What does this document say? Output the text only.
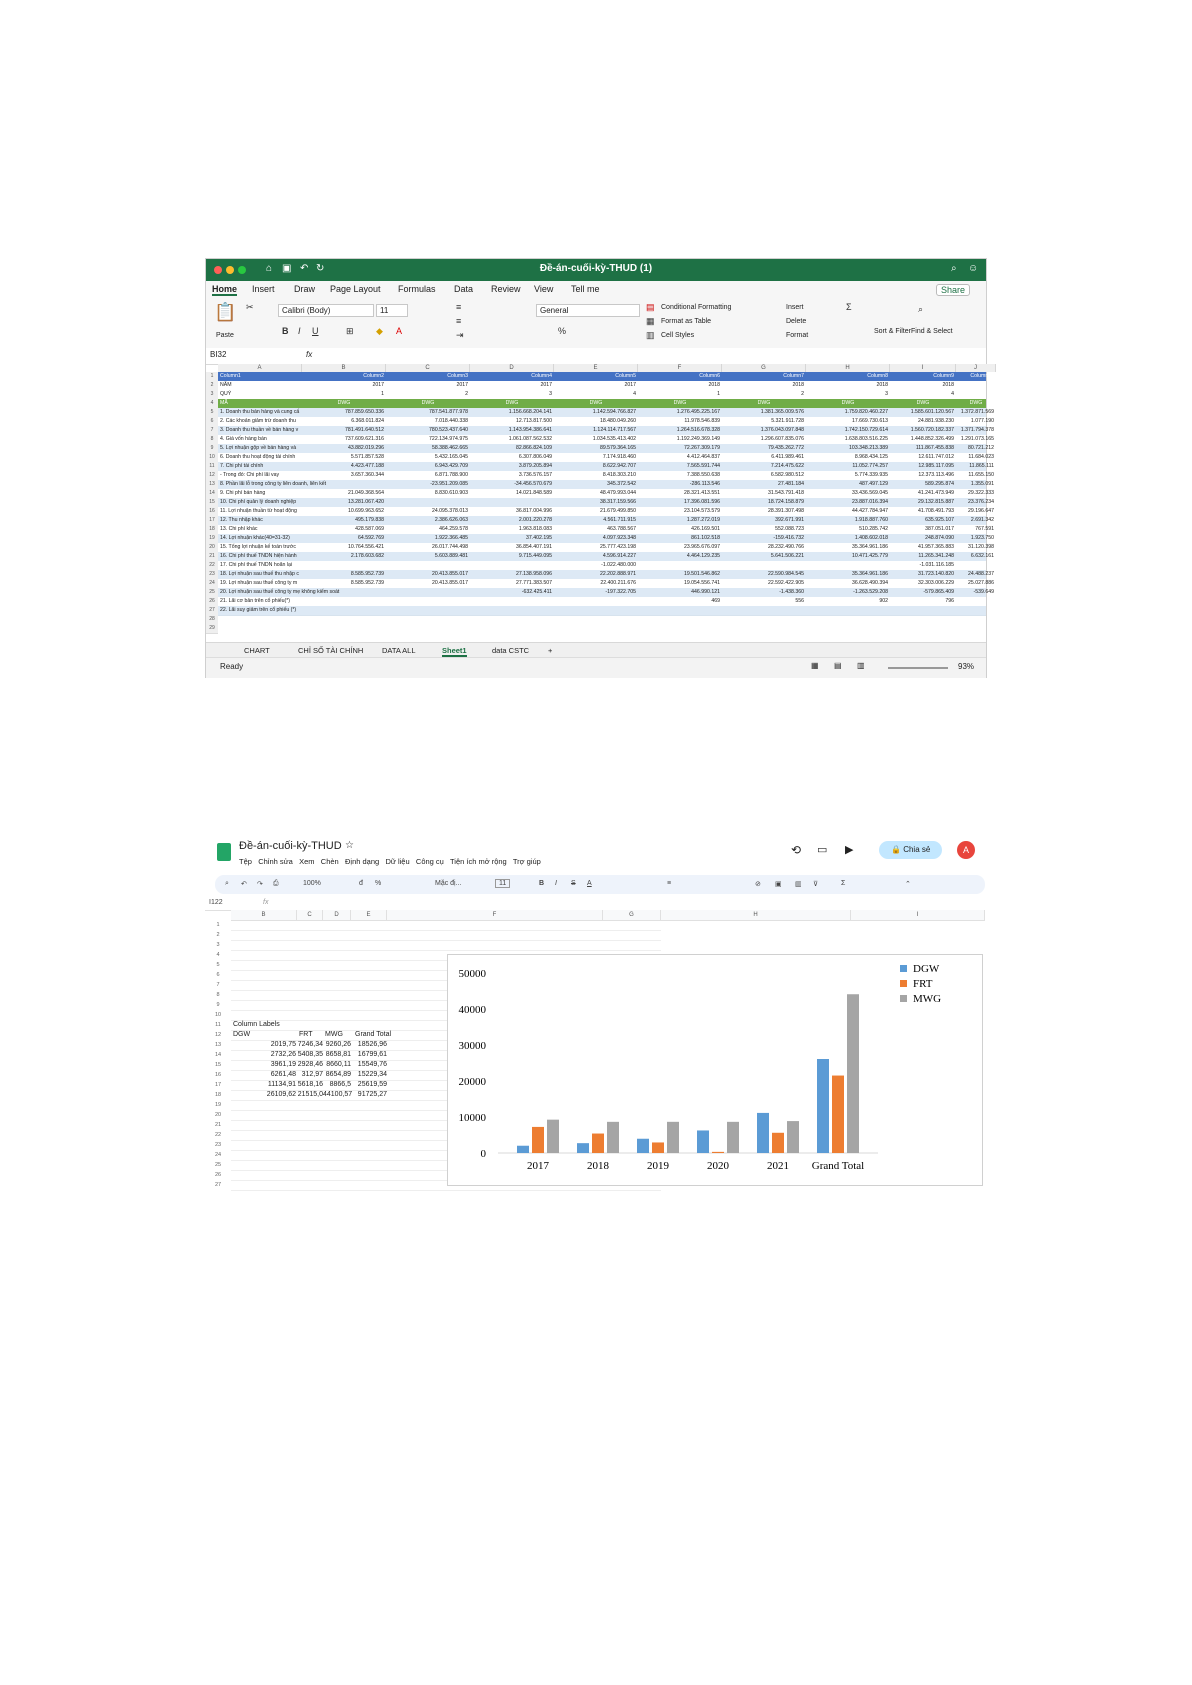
⌂ ▣ ↶ ↻	Đề-án-cuối-kỳ-THUD (1)	⌕ ☺
Home Insert Draw Page Layout Formulas Data Review View Tell me	Share
📋
Paste
✂	Calibri (Body)	11
B I U	⊞ ◆ A
≡
≡
⇥
General
%
▤ Conditional Formatting
▦ Format as Table
▥ Cell Styles
Insert
Delete
Format
Σ
Sort & Filter Find & Select
⌕
BI32	fx
A	B	C	D	E	F	G	H	I	J
1	Column1	Column2	Column3	Column4	Column5	Column6	Column7	Column8	Column9	Column10
2	NĂM	2017	2017	2017	2017	2018	2018	2018	2018
3	QUÝ	1	2	3	4	1	2	3	4
4	MÃ	DWG	DWG	DWG	DWG	DWG	DWG	DWG	DWG	DWG
5	1. Doanh thu bán hàng và cung cấ	787.859.650.336	787.541.877.978	1.156.668.204.141	1.142.594.766.827	1.276.495.225.167	1.381.365.009.576	1.759.820.460.227	1.585.601.120.567	1.372.871.569
6	2. Các khoản giảm trừ doanh thu	6.368.011.824	7.018.440.338	12.713.817.500	18.480.049.260	11.978.546.839	5.321.911.728	17.669.730.613	24.881.938.230	1.077.190
7	3. Doanh thu thuần về bán hàng v	781.491.640.512	780.523.437.640	1.143.954.386.641	1.124.114.717.567	1.264.516.678.328	1.376.043.097.848	1.742.150.729.614	1.560.720.182.337	1.371.794.378
8	4. Giá vốn hàng bán	737.609.621.316	722.134.974.975	1.061.087.562.532	1.034.535.413.402	1.192.249.369.149	1.296.607.835.076	1.638.803.516.225	1.448.852.326.499	1.291.073.165
9	5. Lợi nhuận gộp về bán hàng và	43.882.019.296	58.388.462.665	82.866.824.109	89.579.364.165	72.267.309.179	79.435.262.772	103.348.213.389	111.867.455.838	80.721.212
10	6. Doanh thu hoạt động tài chính	5.571.857.528	5.432.165.045	6.307.806.049	7.174.918.460	4.412.464.837	6.411.989.461	8.968.434.125	12.611.747.012	11.684.023
11	7. Chi phí tài chính	4.423.477.188	6.943.429.709	3.879.205.894	8.622.942.707	7.565.591.744	7.214.475.622	11.052.774.257	12.985.117.095	11.865.111
12	- Trong đó: Chi phí lãi vay	3.657.360.344	6.871.788.900	3.736.576.157	8.418.303.210	7.388.550.638	6.582.980.512	5.774.339.935	12.373.113.496	11.655.150
13	8. Phần lãi lỗ trong công ty liên doanh, liên kết	-23.951.209.085	-34.456.570.679	345.372.542	-286.113.546	27.481.184	487.497.129	589.295.874	1.355.091
14	9. Chi phí bán hàng	21.049.368.564	8.830.610.903	14.021.848.589	48.479.993.044	28.321.413.551	31.543.791.418	33.436.569.045	41.241.473.949	29.322.333
15	10. Chi phí quản lý doanh nghiệp	13.281.067.420	38.317.159.566	17.396.081.596	18.724.158.879	23.887.016.394	29.132.815.887	23.376.234
16	11. Lợi nhuận thuần từ hoạt động	10.699.963.652	24.095.378.013	36.817.004.996	21.679.499.850	23.104.573.579	28.391.307.498	44.427.784.947	41.708.491.793	29.196.647
17	12. Thu nhập khác	495.179.838	2.386.626.063	2.001.220.278	4.561.711.915	1.287.272.019	392.671.991	1.918.887.760	635.925.107	2.691.342
18	13. Chi phí khác	428.587.069	464.259.578	1.963.818.083	463.788.567	426.169.501	552.088.723	510.285.742	387.051.017	767.591
19	14. Lợi nhuận khác(40=31-32)	64.592.769	1.922.366.485	37.402.195	4.097.923.348	861.102.518	-159.416.732	1.408.602.018	248.874.090	1.923.750
20	15. Tổng lợi nhuận kế toán trước	10.764.556.421	26.017.744.498	36.854.407.191	25.777.423.198	23.965.676.097	28.232.490.766	35.364.961.186	41.957.365.883	31.120.398
21	16. Chi phí thuế TNDN hiện hành	2.178.603.682	5.603.889.481	9.715.449.095	4.596.914.227	4.464.129.235	5.641.506.221	10.471.425.779	11.265.341.248	6.632.161
22	17. Chi phí thuế TNDN hoãn lại	-1.022.480.000	-1.031.116.185
23	18. Lợi nhuận sau thuế thu nhập c	8.585.952.739	20.413.855.017	27.138.958.096	22.202.888.971	19.501.546.862	22.590.984.545	35.364.961.186	31.723.140.820	24.488.237
24	19. Lợi nhuận sau thuế công ty m	8.585.952.739	20.413.855.017	27.771.383.507	22.400.211.676	19.054.556.741	22.592.422.905	36.628.490.394	32.303.006.229	25.027.886
25	20. Lợi nhuận sau thuế công ty mẹ không kiểm soát	-632.425.411	-197.322.705	446.990.121	-1.438.360	-1.263.529.208	-579.865.409	-539.649
26	21. Lãi cơ bản trên cổ phiếu(*)	469	556	902	796
27	22. Lãi suy giảm trên cổ phiếu (*)
28
29
CHART	CHỈ SỐ TÀI CHÍNH DATA ALL	Sheet1	data CSTC	+
Ready	▦ ▤ ▥	93%
Đề-án-cuối-kỳ-THUD ☆
Tệp Chỉnh sửa Xem Chèn Định dạng Dữ liệu Công cụ Tiện ích mở rộng Trợ giúp
⟲ ▭ ▶	🔒 Chia sẻ	A
⌕ ↶ ↷ ⎙	100%	đ %	Mặc đị...	11	B I S A	≡	⊘ ▣ ▥ ⊽	Σ	⌃
I122	fx
B	C	D	E	F	G	H	I
1
2
3
4
5
6
7
8
9
10
11
12
13
14
15
16
17
18
19
20
21
22
23
24
25
26
27
Column Labels
DGW	FRT	MWG	Grand Total
2019,75 7246,34 9260,26 18526,96
2732,26 5408,35 8658,81 16799,61
3961,19 2928,46 8660,11 15549,76
6261,48 312,97 8654,89 15229,34
11134,91 5618,16 8866,5 25619,59
26109,62 21515,0 44100,57 91725,27
0
10000
20000
30000
40000
50000
2017	2018	2019	2020	2021 Grand Total
DGW
FRT
MWG
